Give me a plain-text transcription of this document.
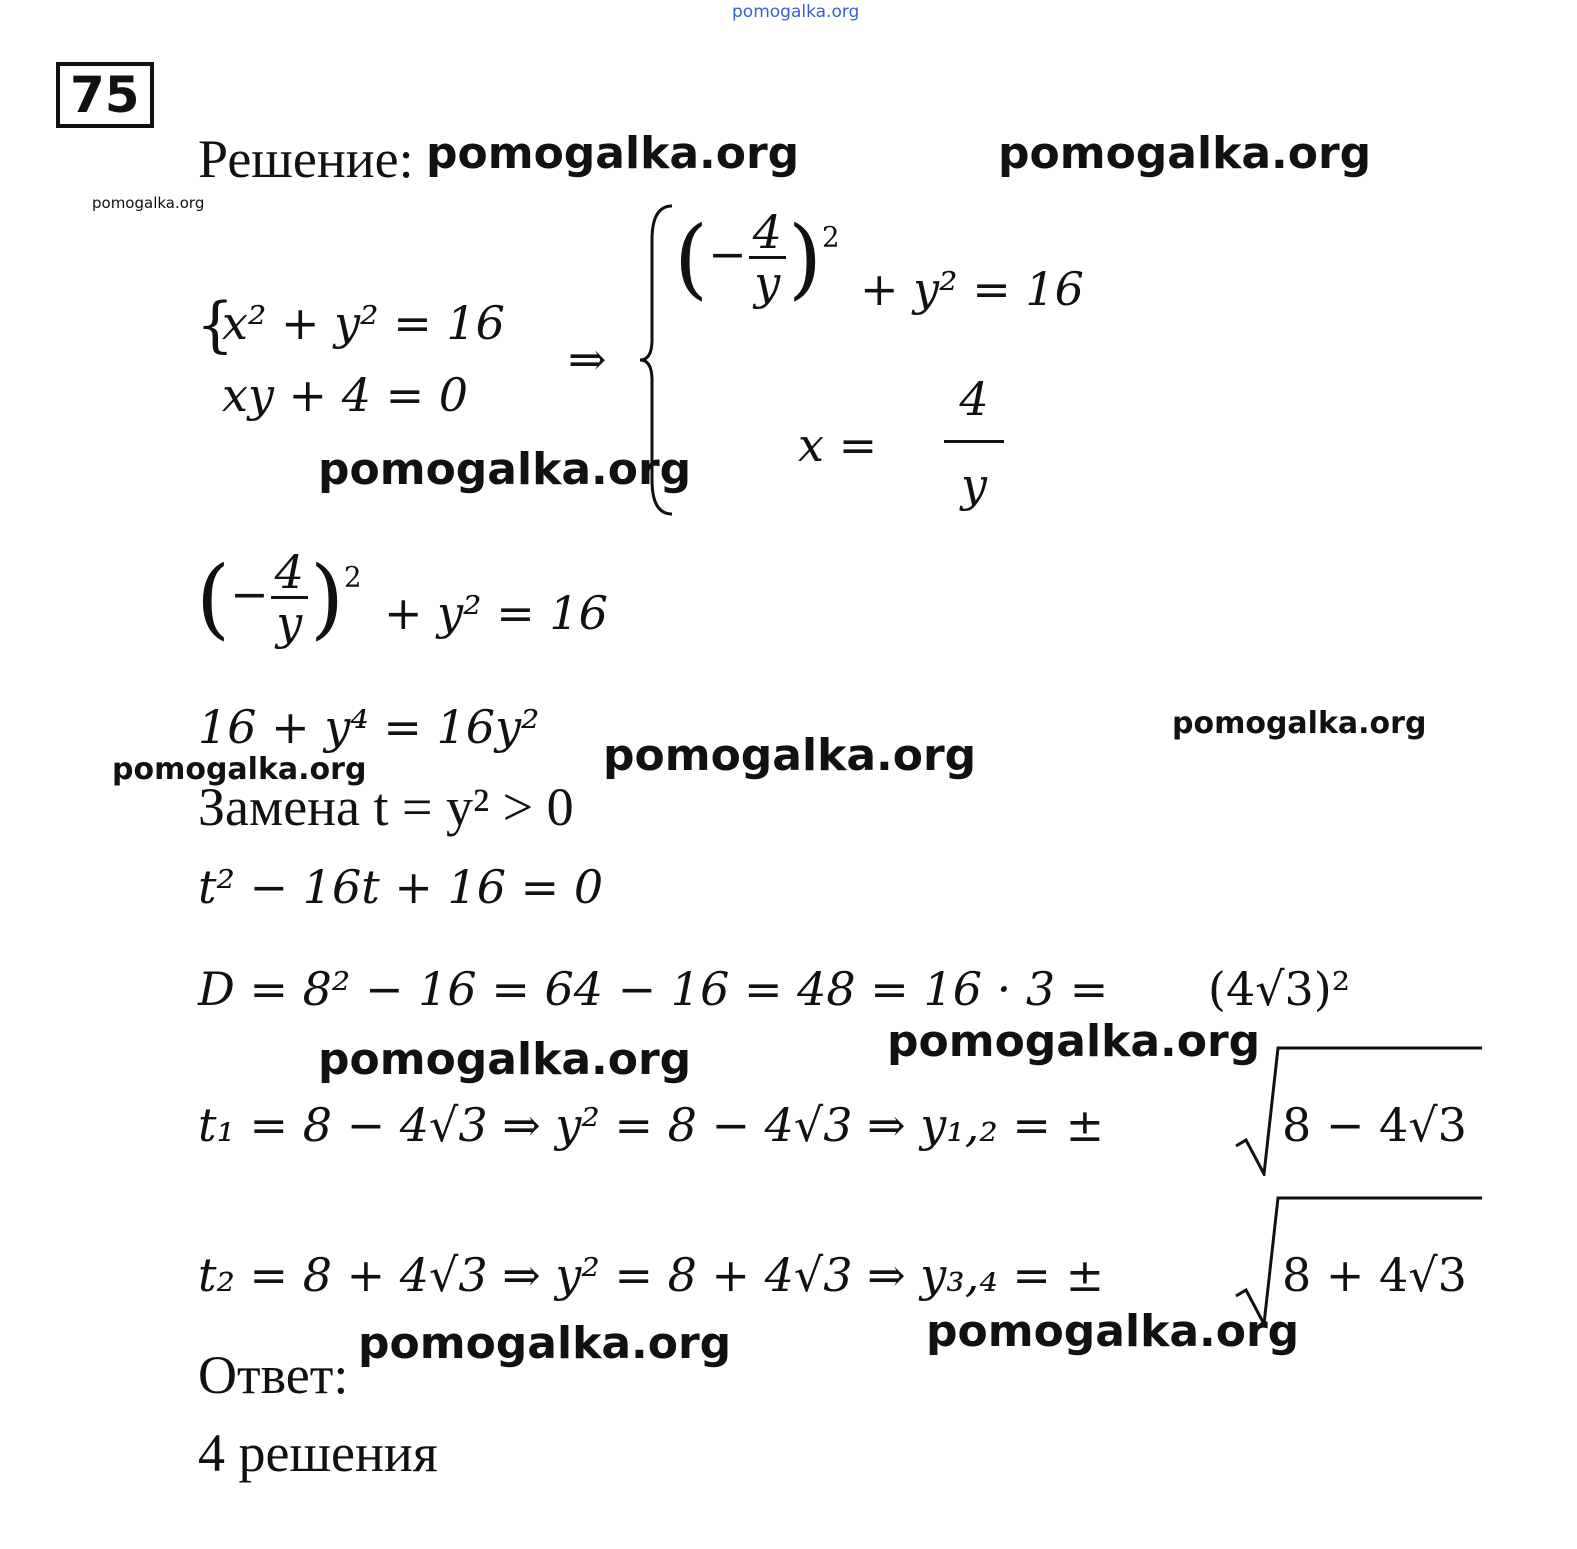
pomogalka.org
pomogalka.org	pomogalka.org
pomogalka.org
pomogalka.org
pomogalka.org
pomogalka.org	pomogalka.org
pomogalka.org	pomogalka.org
pomogalka.org	pomogalka.org
75
Решение:
{
x² + y² = 16
xy + 4 = 0
⇒
(− $\frac{4}{y} )^2$
+ y² = 16
x =
4
y
(− $\frac{4}{y} )^2$
+ y² = 16
16 + y⁴ = 16y²
Замена t = y² > 0
t² − 16t + 16 = 0
D = 8² − 16 = 64 − 16 = 48 = 16 · 3 = (4√3)²
t₁ = 8 − 4√3 ⇒ y² = 8 − 4√3 ⇒ y₁,₂ = ±	8 − 4√3
t₂ = 8 + 4√3 ⇒ y² = 8 + 4√3 ⇒ y₃,₄ = ±	8 + 4√3
Ответ:
4 решения
